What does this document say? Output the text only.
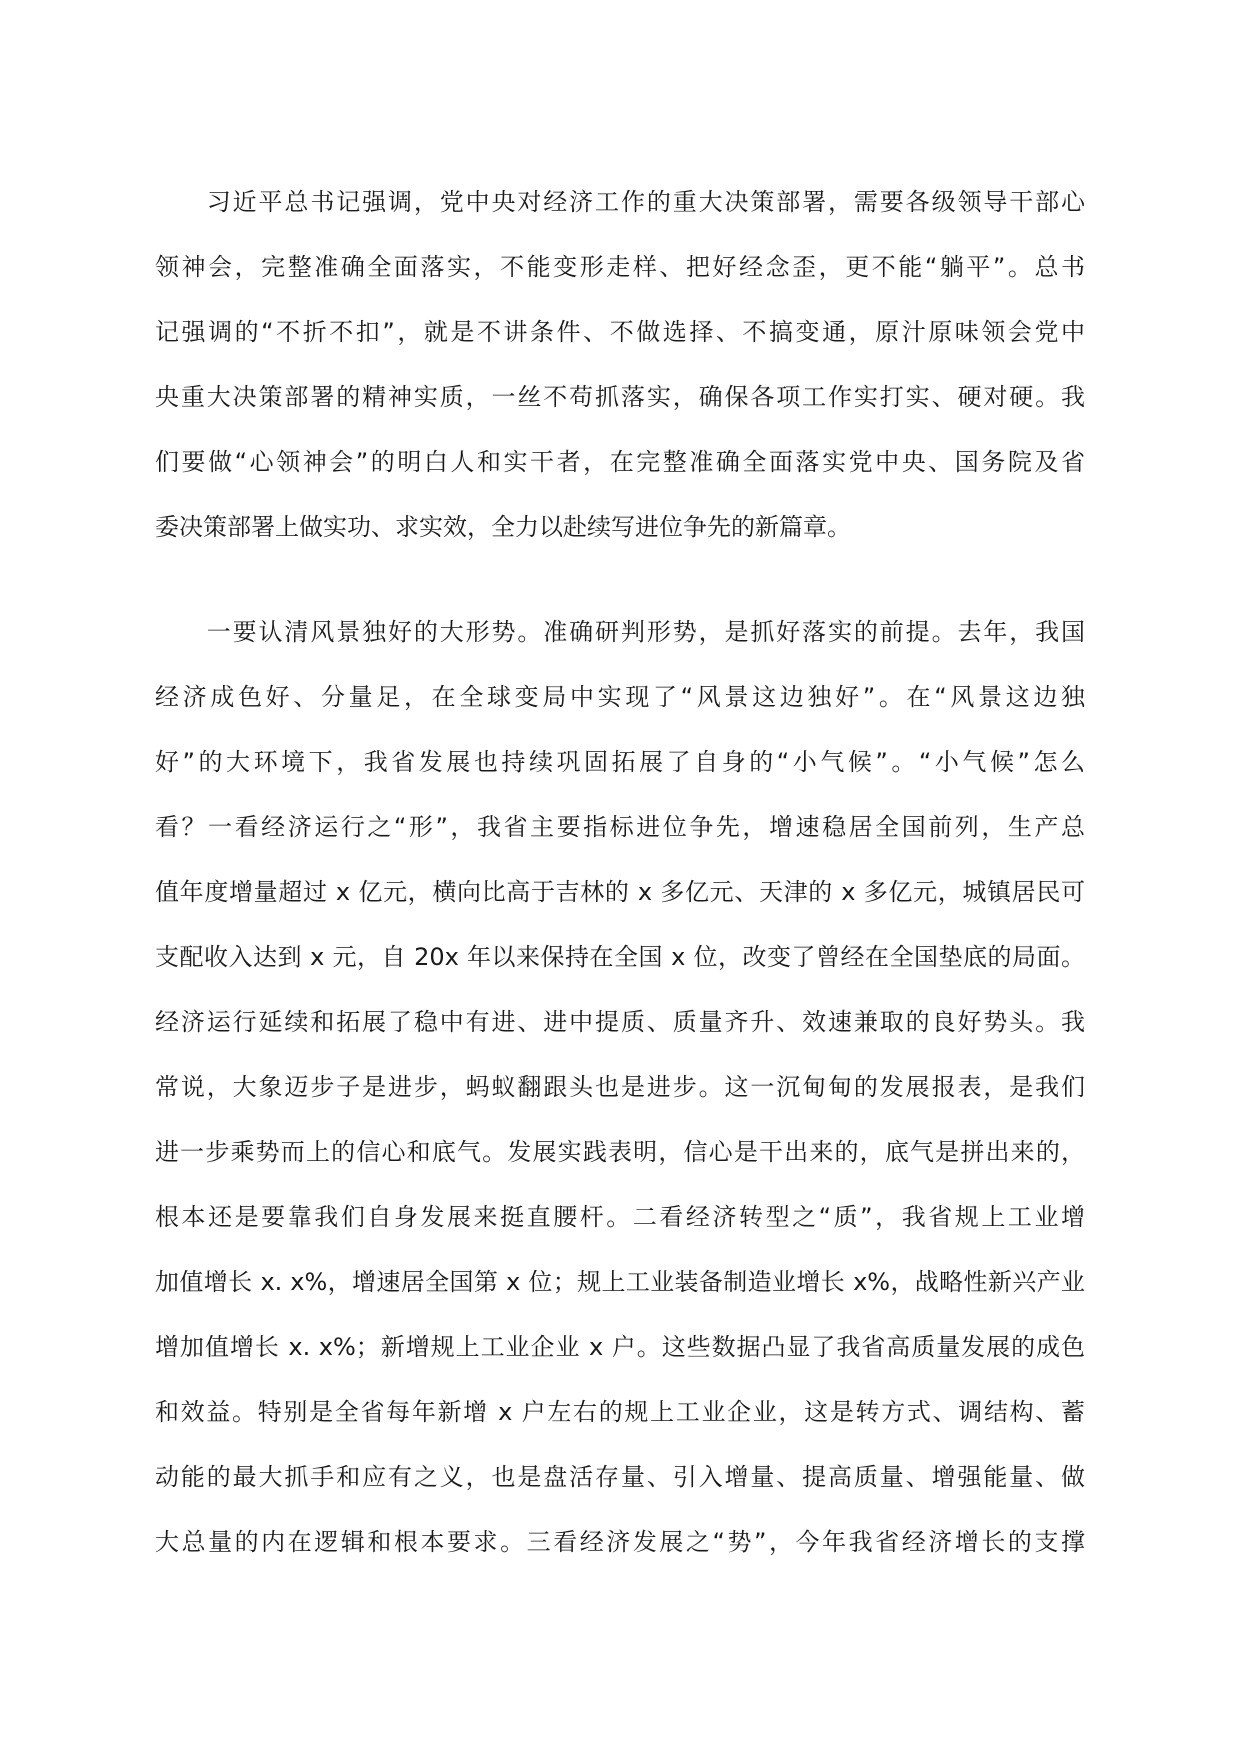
　　习近平总书记强调，党中央对经济工作的重大决策部署，需要各级领导干部心
领神会，完整准确全面落实，不能变形走样、把好经念歪，更不能“躺平”。总书
记强调的“不折不扣”，就是不讲条件、不做选择、不搞变通，原汁原味领会党中
央重大决策部署的精神实质，一丝不苟抓落实，确保各项工作实打实、硬对硬。我
们要做“心领神会”的明白人和实干者，在完整准确全面落实党中央、国务院及省
委决策部署上做实功、求实效，全力以赴续写进位争先的新篇章。
　　一要认清风景独好的大形势。准确研判形势，是抓好落实的前提。去年，我国
经济成色好、分量足，在全球变局中实现了“风景这边独好”。在“风景这边独
好”的大环境下，我省发展也持续巩固拓展了自身的“小气候”。“小气候”怎么
看？一看经济运行之“形”，我省主要指标进位争先，增速稳居全国前列，生产总
值年度增量超过 x 亿元，横向比高于吉林的 x 多亿元、天津的 x 多亿元，城镇居民可
支配收入达到 x 元，自 20x 年以来保持在全国 x 位，改变了曾经在全国垫底的局面。
经济运行延续和拓展了稳中有进、进中提质、质量齐升、效速兼取的良好势头。我
常说，大象迈步子是进步，蚂蚁翻跟头也是进步。这一沉甸甸的发展报表，是我们
进一步乘势而上的信心和底气。发展实践表明，信心是干出来的，底气是拼出来的，
根本还是要靠我们自身发展来挺直腰杆。二看经济转型之“质”，我省规上工业增
加值增长 x. x%，增速居全国第 x 位；规上工业装备制造业增长 x%，战略性新兴产业
增加值增长 x. x%；新增规上工业企业 x 户。这些数据凸显了我省高质量发展的成色
和效益。特别是全省每年新增 x 户左右的规上工业企业，这是转方式、调结构、蓄
动能的最大抓手和应有之义，也是盘活存量、引入增量、提高质量、增强能量、做
大总量的内在逻辑和根本要求。三看经济发展之“势”，今年我省经济增长的支撑
